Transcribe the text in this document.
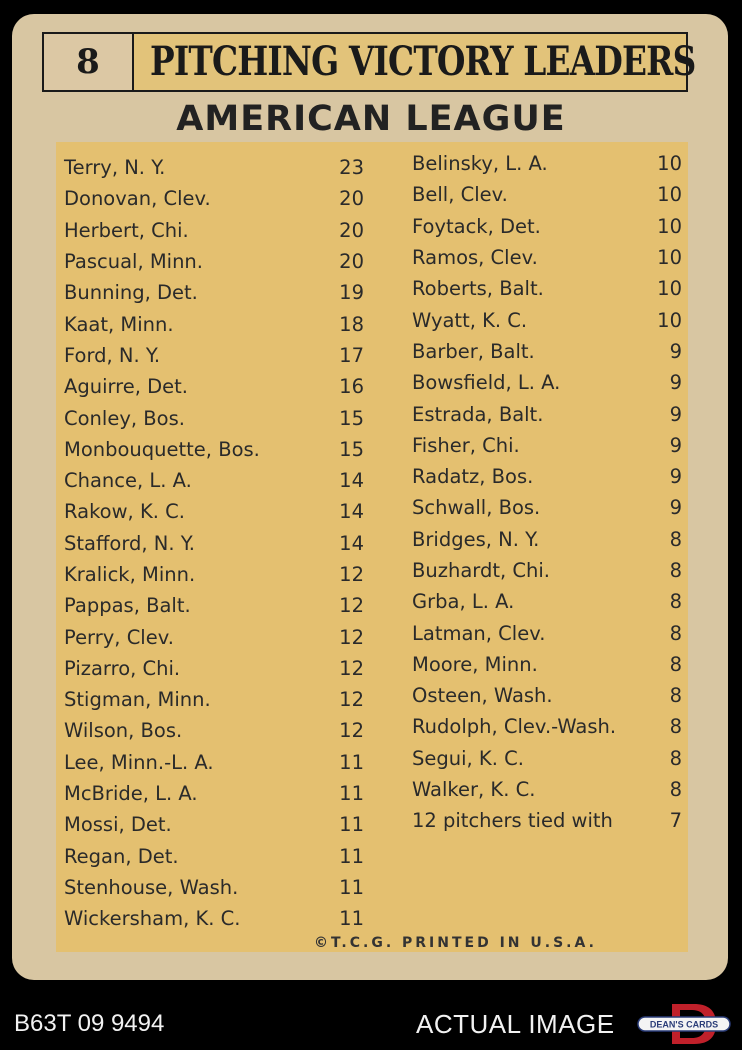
8	PITCHING VICTORY LEADERS
AMERICAN LEAGUE
Terry, N. Y.	23
Donovan, Clev.	20
Herbert, Chi.	20
Pascual, Minn.	20
Bunning, Det.	19
Kaat, Minn.	18
Ford, N. Y.	17
Aguirre, Det.	16
Conley, Bos.	15
Monbouquette, Bos.	15
Chance, L. A.	14
Rakow, K. C.	14
Stafford, N. Y.	14
Kralick, Minn.	12
Pappas, Balt.	12
Perry, Clev.	12
Pizarro, Chi.	12
Stigman, Minn.	12
Wilson, Bos.	12
Lee, Minn.-L. A.	11
McBride, L. A.	11
Mossi, Det.	11
Regan, Det.	11
Stenhouse, Wash.	11
Wickersham, K. C.	11
Belinsky, L. A.	10
Bell, Clev.	10
Foytack, Det.	10
Ramos, Clev.	10
Roberts, Balt.	10
Wyatt, K. C.	10
Barber, Balt.	9
Bowsfield, L. A.	9
Estrada, Balt.	9
Fisher, Chi.	9
Radatz, Bos.	9
Schwall, Bos.	9
Bridges, N. Y.	8
Buzhardt, Chi.	8
Grba, L. A.	8
Latman, Clev.	8
Moore, Minn.	8
Osteen, Wash.	8
Rudolph, Clev.-Wash.	8
Segui, K. C.	8
Walker, K. C.	8
12 pitchers tied with	7
©T.C.G. PRINTED IN U.S.A.
B63T 09 9494	ACTUAL IMAGE	DEAN'S CARDS
